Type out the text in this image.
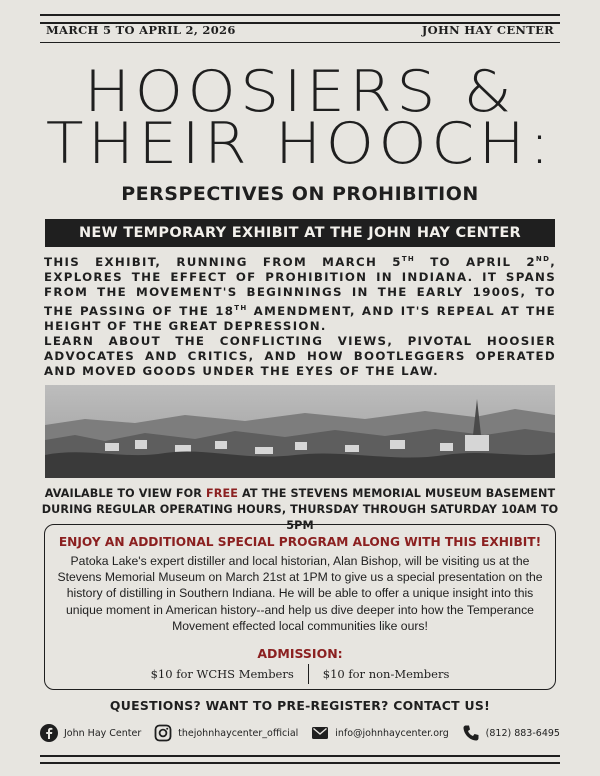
MARCH 5 TO APRIL 2, 2026	JOHN HAY CENTER
HOOSIERS &
THEIR HOOCH:
PERSPECTIVES ON PROHIBITION
NEW TEMPORARY EXHIBIT AT THE JOHN HAY CENTER

THIS EXHIBIT, RUNNING FROM MARCH 5TH TO APRIL 2ND, EXPLORES THE EFFECT OF PROHIBITION IN INDIANA. IT SPANS FROM THE MOVEMENT'S BEGINNINGS IN THE EARLY 1900S, TO THE PASSING OF THE 18TH AMENDMENT, AND IT'S REPEAL AT THE HEIGHT OF THE GREAT DEPRESSION.

LEARN ABOUT THE CONFLICTING VIEWS, PIVOTAL HOOSIER ADVOCATES AND CRITICS, AND HOW BOOTLEGGERS OPERATED AND MOVED GOODS UNDER THE EYES OF THE LAW.

AVAILABLE TO VIEW FOR FREE AT THE STEVENS MEMORIAL MUSEUM BASEMENT
DURING REGULAR OPERATING HOURS, THURSDAY THROUGH SATURDAY 10AM TO 5PM
ENJOY AN ADDITIONAL SPECIAL PROGRAM ALONG WITH THIS EXHIBIT!
Patoka Lake's expert distiller and local historian, Alan Bishop, will be visiting us at the Stevens Memorial Museum on March 21st at 1PM to give us a special presentation on the history of distilling in Southern Indiana. He will be able to offer a unique insight into this unique moment in American history--and help us dive deeper into how the Temperance Movement effected local communities like ours!
ADMISSION:
$10 for WCHS Members	$10 for non-Members
QUESTIONS? WANT TO PRE-REGISTER? CONTACT US!
John Hay Center	thejohnhaycenter_official	info@johnhaycenter.org	(812) 883-6495
